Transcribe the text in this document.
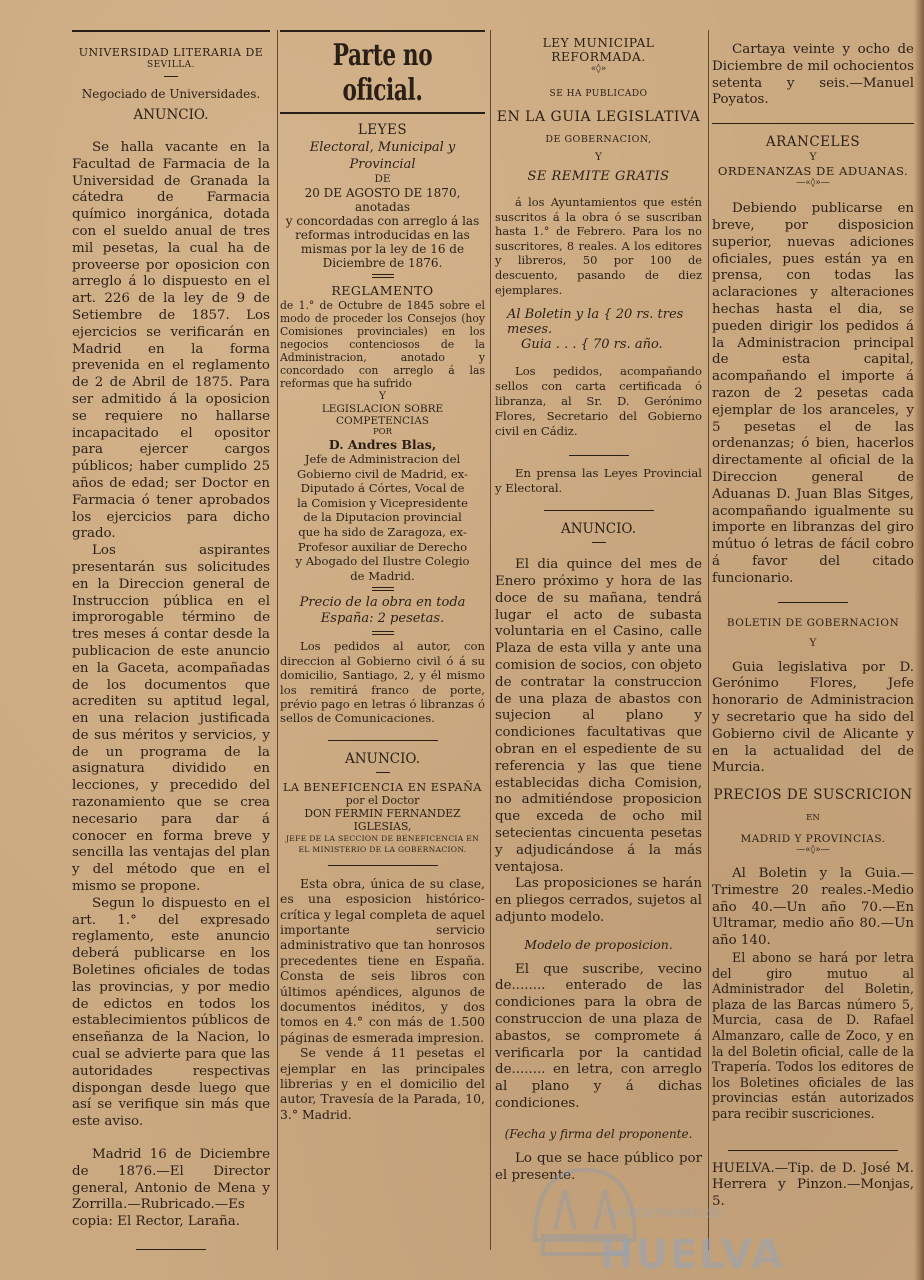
UNIVERSIDAD LITERARIA DE

SEVILLA.

Negociado de Universidades.

ANUNCIO.

Se halla vacante en la Facultad de Farmacia de la Universidad de Granada la cátedra de Farmacia químico inorgánica, dotada con el sueldo anual de tres mil pesetas, la cual ha de proveerse por oposicion con arreglo á lo dispuesto en el art. 226 de la ley de 9 de Setiembre de 1857. Los ejercicios se verificarán en Madrid en la forma prevenida en el reglamento de 2 de Abril de 1875. Para ser admitido á la oposicion se requiere no hallarse incapacitado el opositor para ejercer cargos públicos; haber cumplido 25 años de edad; ser Doctor en Farmacia ó tener aprobados los ejercicios para dicho grado.

Los aspirantes presentarán sus solicitudes en la Direccion general de Instruccion pública en el improrogable término de tres meses á contar desde la publicacion de este anuncio en la Gaceta, acompañadas de los documentos que acrediten su aptitud legal, en una relacion justificada de sus méritos y servicios, y de un programa de la asignatura dividido en lecciones, y precedido del razonamiento que se crea necesario para dar á conocer en forma breve y sencilla las ventajas del plan y del método que en el mismo se propone.

Segun lo dispuesto en el art. 1.° del expresado reglamento, este anuncio deberá publicarse en los Boletines oficiales de todas las provincias, y por medio de edictos en todos los establecimientos públicos de enseñanza de la Nacion, lo cual se advierte para que las autoridades respectivas dispongan desde luego que así se verifique sin más que este aviso.

Madrid 16 de Diciembre de 1876.—El Director general, Antonio de Mena y Zorrilla.—Rubricado.—Es copia: El Rector, Laraña.

Parte no oficial.

LEYES

Electoral, Municipal y Provincial

DE

20 DE AGOSTO DE 1870,

anotadas

y concordadas con arreglo á las reformas introducidas en las mismas por la ley de 16 de Diciembre de 1876.

REGLAMENTO

de 1.° de Octubre de 1845 sobre el modo de proceder los Consejos (hoy Comisiones provinciales) en los negocios contenciosos de la Administracion, anotado y concordado con arreglo á las reformas que ha sufrido

Y

LEGISLACION SOBRE COMPETENCIAS

POR

D. Andres Blas,

Jefe de Administracion del Gobierno civil de Madrid, ex-Diputado á Córtes, Vocal de la Comision y Vicepresidente de la Diputacion provincial que ha sido de Zaragoza, ex-Profesor auxiliar de Derecho y Abogado del Ilustre Colegio de Madrid.

Precio de la obra en toda España: 2 pesetas.

Los pedidos al autor, con direccion al Gobierno civil ó á su domicilio, Santiago, 2, y él mismo los remitirá franco de porte, prévio pago en letras ó libranzas ó sellos de Comunicaciones.

ANUNCIO.

LA BENEFICENCIA EN ESPAÑA

por el Doctor

DON FERMIN FERNANDEZ IGLESIAS,

JEFE DE LA SECCION DE BENEFICENCIA EN EL MINISTERIO DE LA GOBERNACION.

Esta obra, única de su clase, es una esposicion histórico-crítica y legal completa de aquel importante servicio administrativo que tan honrosos precedentes tiene en España. Consta de seis libros con últimos apéndices, algunos de documentos inéditos, y dos tomos en 4.° con más de 1.500 páginas de esmerada impresion.

Se vende á 11 pesetas el ejemplar en las principales librerias y en el domicilio del autor, Travesía de la Parada, 10, 3.° Madrid.

LEY MUNICIPAL REFORMADA.

«◊»

SE HA PUBLICADO

EN LA GUIA LEGISLATIVA

DE GOBERNACION,

Y

SE REMITE GRATIS

á los Ayuntamientos que estén suscritos á la obra ó se suscriban hasta 1.° de Febrero. Para los no suscritores, 8 reales. A los editores y libreros, 50 por 100 de descuento, pasando de diez ejemplares.

Al Boletin y la { 20 rs. tres meses.

Guia . . . { 70 rs. año.

Los pedidos, acompañando sellos con carta certificada ó libranza, al Sr. D. Gerónimo Flores, Secretario del Gobierno civil en Cádiz.

En prensa las Leyes Provincial y Electoral.

ANUNCIO.

El dia quince del mes de Enero próximo y hora de las doce de su mañana, tendrá lugar el acto de subasta voluntaria en el Casino, calle Plaza de esta villa y ante una comision de socios, con objeto de contratar la construccion de una plaza de abastos con sujecion al plano y condiciones facultativas que obran en el espediente de su referencia y las que tiene establecidas dicha Comision, no admitiéndose proposicion que exceda de ocho mil setecientas cincuenta pesetas y adjudicándose á la más ventajosa.

Las proposiciones se harán en pliegos cerrados, sujetos al adjunto modelo.

Modelo de proposicion.

El que suscribe, vecino de........ enterado de las condiciones para la obra de construccion de una plaza de abastos, se compromete á verificarla por la cantidad de........ en letra, con arreglo al plano y á dichas condiciones.

(Fecha y firma del proponente.

Lo que se hace público por el presente.

Cartaya veinte y ocho de Diciembre de mil ochocientos setenta y seis.—Manuel Poyatos.

ARANCELES

Y

ORDENANZAS DE ADUANAS.

—«◊»—

Debiendo publicarse en breve, por disposicion superior, nuevas adiciones oficiales, pues están ya en prensa, con todas las aclaraciones y alteraciones hechas hasta el dia, se pueden dirigir los pedidos á la Administracion principal de esta capital, acompañando el importe á razon de 2 pesetas cada ejemplar de los aranceles, y 5 pesetas el de las ordenanzas; ó bien, hacerlos directamente al oficial de la Direccion general de Aduanas D. Juan Blas Sitges, acompañando igualmente su importe en libranzas del giro mútuo ó letras de fácil cobro á favor del citado funcionario.

BOLETIN DE GOBERNACION

Y

Guia legislativa por D. Gerónimo Flores, Jefe honorario de Administracion y secretario que ha sido del Gobierno civil de Alicante y en la actualidad del de Murcia.

PRECIOS DE SUSCRICION

EN

MADRID Y PROVINCIAS.

—«◊»—

Al Boletin y la Guia.—Trimestre 20 reales.-Medio año 40.—Un año 70.—En Ultramar, medio año 80.—Un año 140.

El abono se hará por letra del giro mutuo al Administrador del Boletin, plaza de las Barcas número 5, Murcia, casa de D. Rafael Almanzaro, calle de Zoco, y en la del Boletin oficial, calle de la Trapería. Todos los editores de los Boletines oficiales de las provincias están autorizados para recibir suscriciones.

HUELVA.—Tip. de D. José M. Herrera y Pinzon.—Monjas, 5.

Ayuntamiento de
HUELVA
